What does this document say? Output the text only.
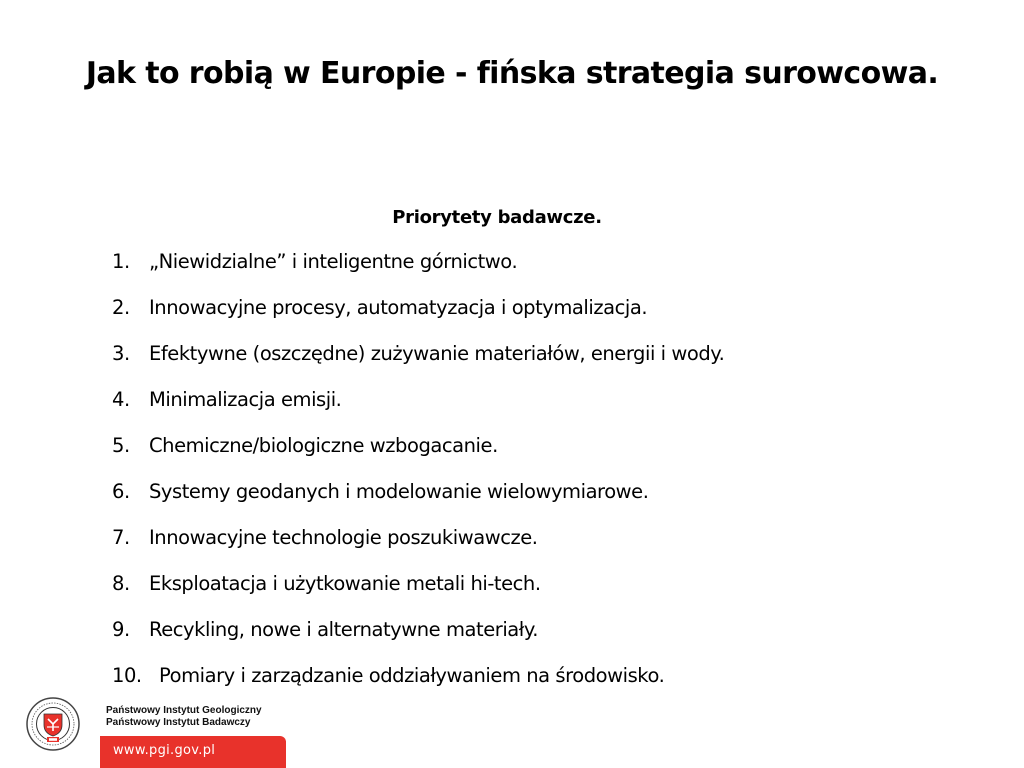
Jak to robią w Europie - fińska strategia surowcowa.
Priorytety badawcze.
1. „Niewidzialne” i inteligentne górnictwo.
2. Innowacyjne procesy, automatyzacja i optymalizacja.
3. Efektywne (oszczędne) zużywanie materiałów, energii i wody.
4. Minimalizacja emisji.
5. Chemiczne/biologiczne wzbogacanie.
6. Systemy geodanych i modelowanie wielowymiarowe.
7. Innowacyjne technologie poszukiwawcze.
8. Eksploatacja i użytkowanie metali hi-tech.
9. Recykling, nowe i alternatywne materiały.
10. Pomiary i zarządzanie oddziaływaniem na środowisko.
Państwowy Instytut Geologiczny
Państwowy Instytut Badawczy
www.pgi.gov.pl
